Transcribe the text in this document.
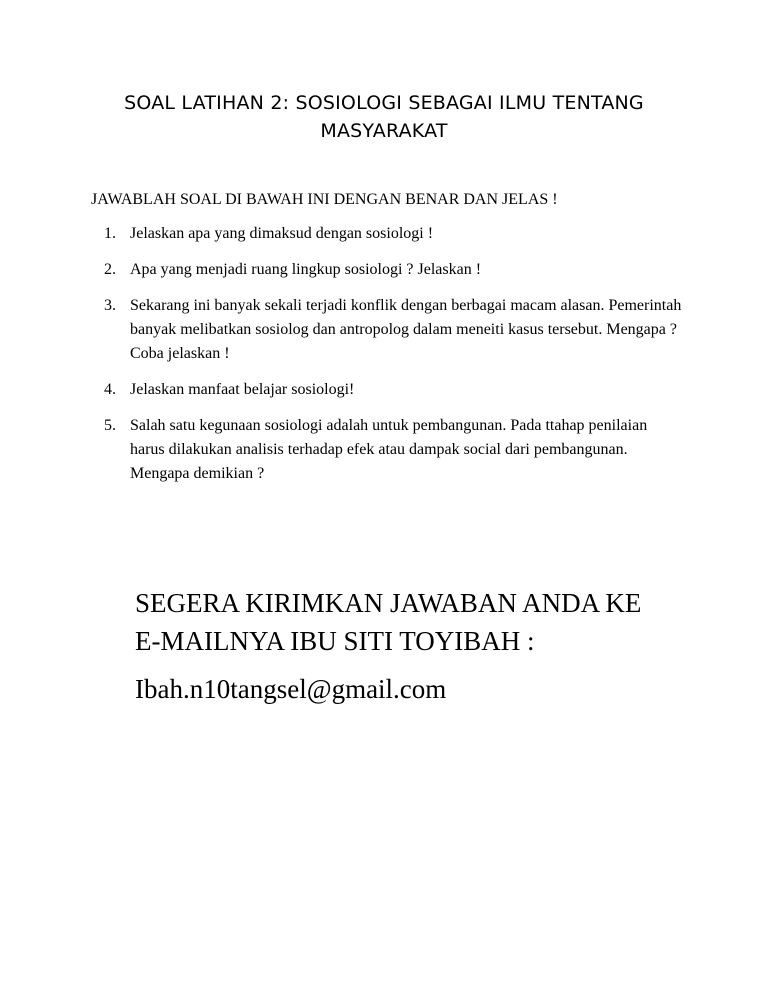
SOAL LATIHAN 2: SOSIOLOGI SEBAGAI ILMU TENTANG
MASYARAKAT
JAWABLAH SOAL DI BAWAH INI DENGAN BENAR DAN JELAS !
1. Jelaskan apa yang dimaksud dengan sosiologi !
2. Apa yang menjadi ruang lingkup sosiologi ? Jelaskan !
3. Sekarang ini banyak sekali terjadi konflik dengan berbagai macam alasan. Pemerintah banyak melibatkan sosiolog dan antropolog dalam meneiti kasus tersebut. Mengapa ? Coba jelaskan !
4. Jelaskan manfaat belajar sosiologi!
5. Salah satu kegunaan sosiologi adalah untuk pembangunan. Pada ttahap penilaian harus dilakukan analisis terhadap efek atau dampak social dari pembangunan. Mengapa demikian ?
SEGERA KIRIMKAN JAWABAN ANDA KE
E-MAILNYA IBU SITI TOYIBAH :
Ibah.n10tangsel@gmail.com
